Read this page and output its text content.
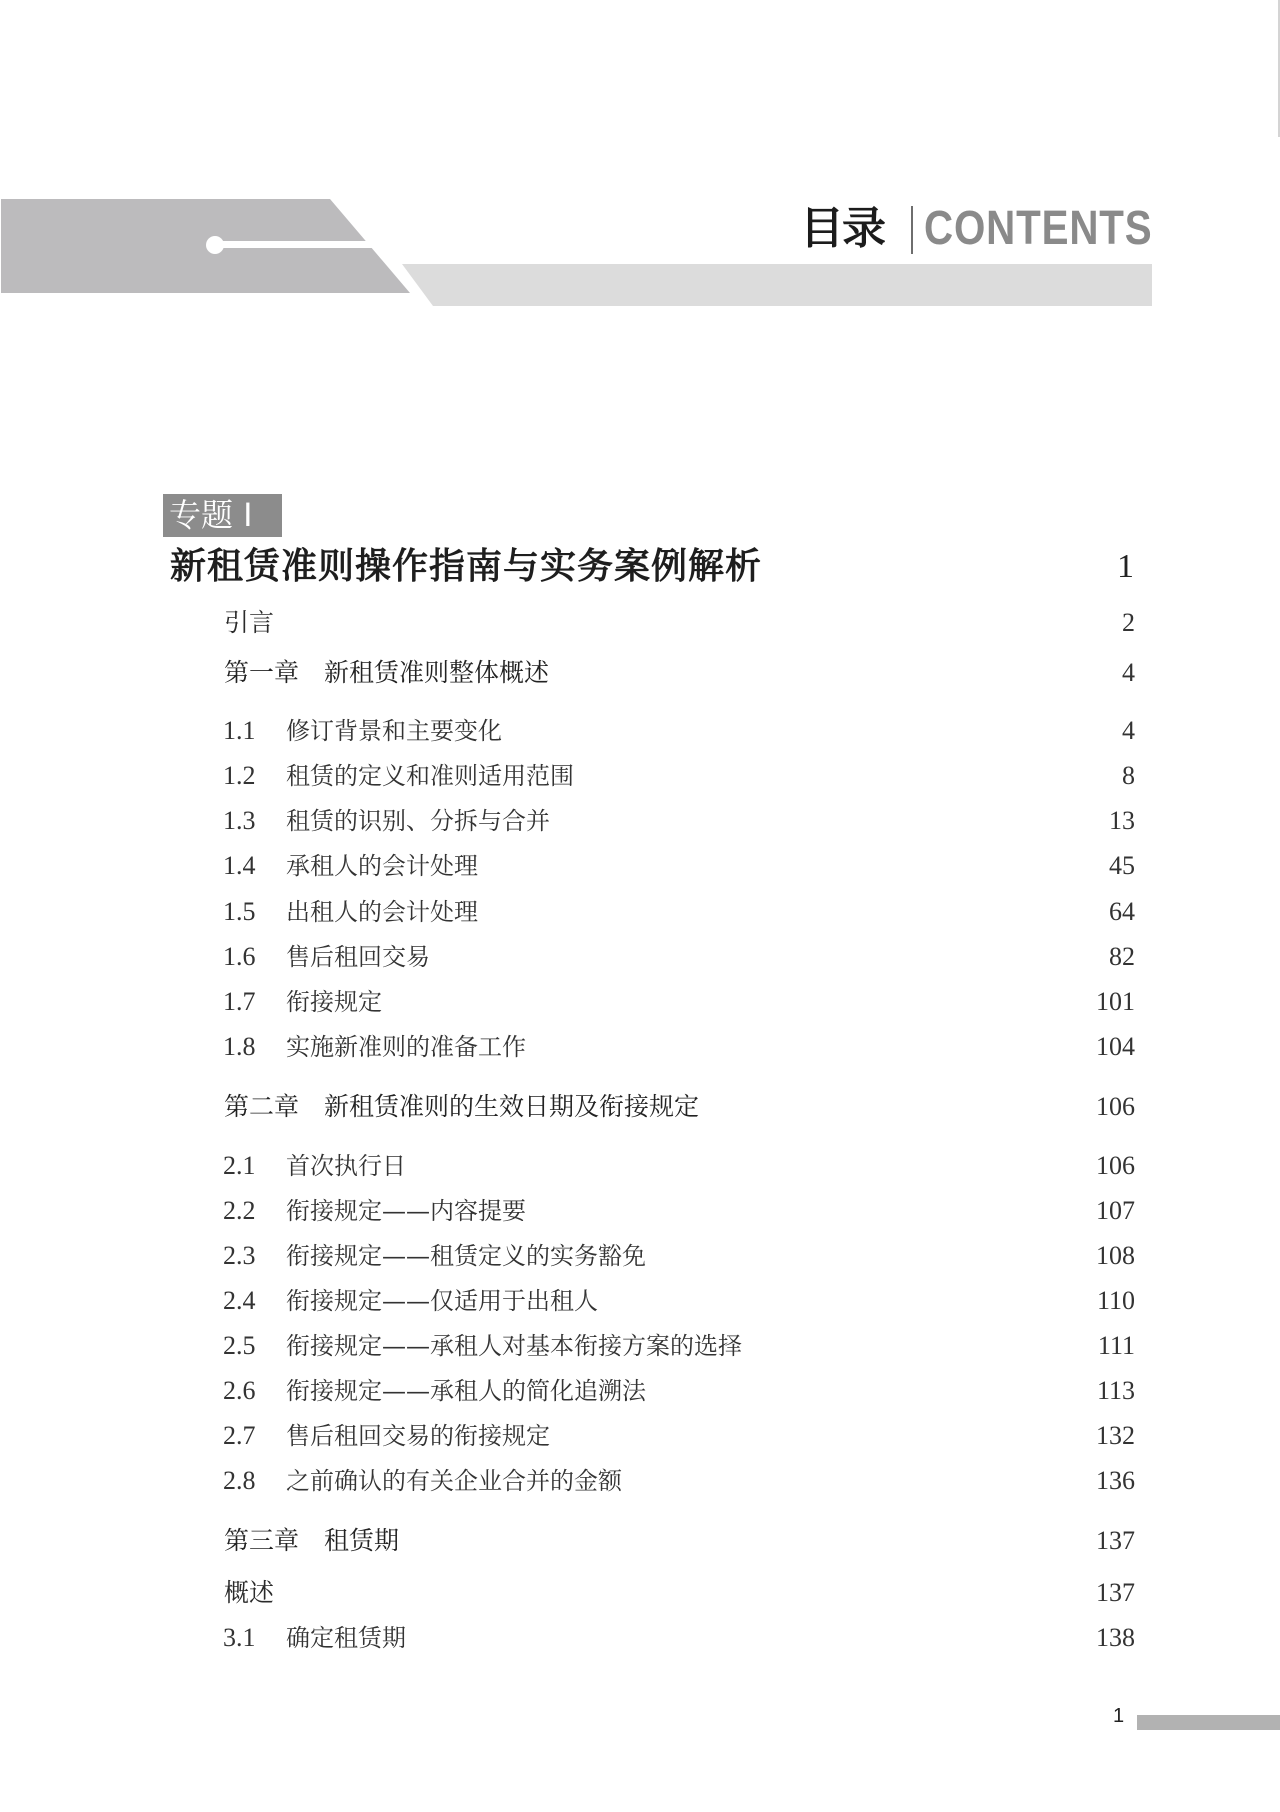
目录 CONTENTS
专题 I
新租赁准则操作指南与实务案例解析	1
引言	2
第一章　新租赁准则整体概述	4
1.1 修订背景和主要变化	4
1.2 租赁的定义和准则适用范围	8
1.3 租赁的识别、分拆与合并	13
1.4 承租人的会计处理	45
1.5 出租人的会计处理	64
1.6 售后租回交易	82
1.7 衔接规定	101
1.8 实施新准则的准备工作	104
第二章　新租赁准则的生效日期及衔接规定	106
2.1 首次执行日	106
2.2 衔接规定——内容提要	107
2.3 衔接规定——租赁定义的实务豁免	108
2.4 衔接规定——仅适用于出租人	110
2.5 衔接规定——承租人对基本衔接方案的选择	111
2.6 衔接规定——承租人的简化追溯法	113
2.7 售后租回交易的衔接规定	132
2.8 之前确认的有关企业合并的金额	136
第三章　租赁期	137
概述	137
3.1 确定租赁期	138
1
